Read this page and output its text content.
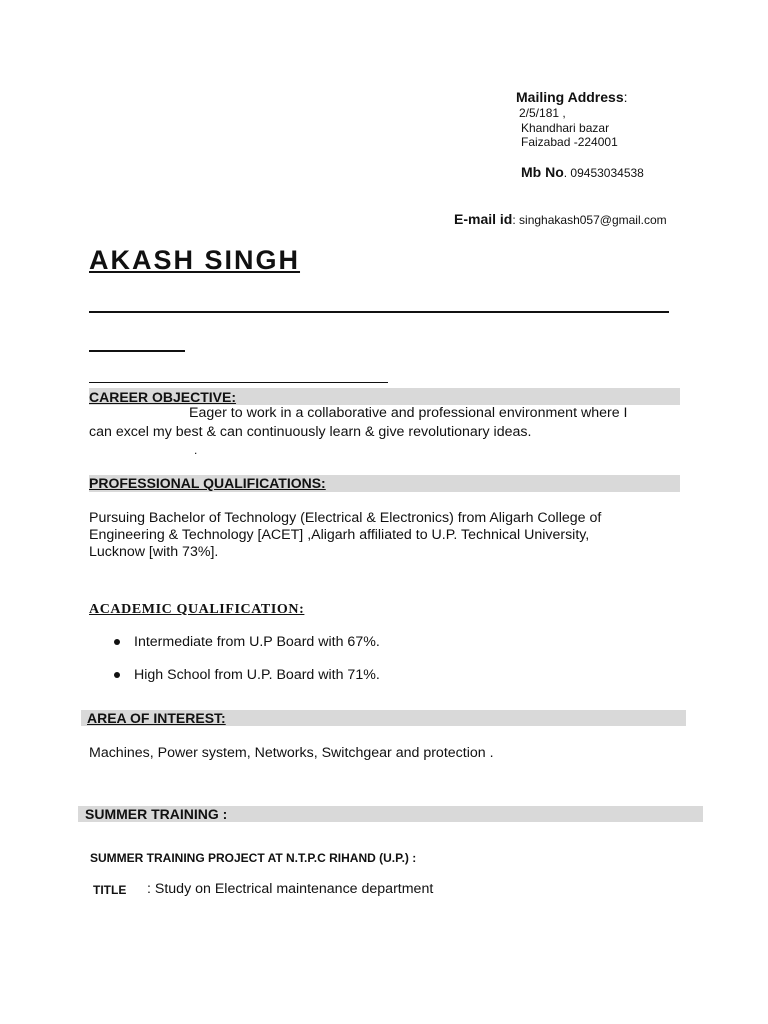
Mailing Address:
2/5/181 ,
Khandhari bazar
Faizabad -224001
Mb No. 09453034538
E-mail id: singhakash057@gmail.com
AKASH SINGH
CAREER OBJECTIVE:
Eager to work in a collaborative and professional environment where I
can excel my best & can continuously learn & give revolutionary ideas.
.
PROFESSIONAL QUALIFICATIONS:
Pursuing Bachelor of Technology (Electrical & Electronics) from Aligarh College of
Engineering & Technology [ACET] ,Aligarh affiliated to U.P. Technical University,
Lucknow [with 73%].
ACADEMIC QUALIFICATION:
Intermediate from U.P Board with 67%.
High School from U.P. Board with 71%.
AREA OF INTEREST:
Machines, Power system, Networks, Switchgear and protection .
SUMMER TRAINING :
SUMMER TRAINING PROJECT AT N.T.P.C RIHAND (U.P.) :
TITLE : Study on Electrical maintenance department
